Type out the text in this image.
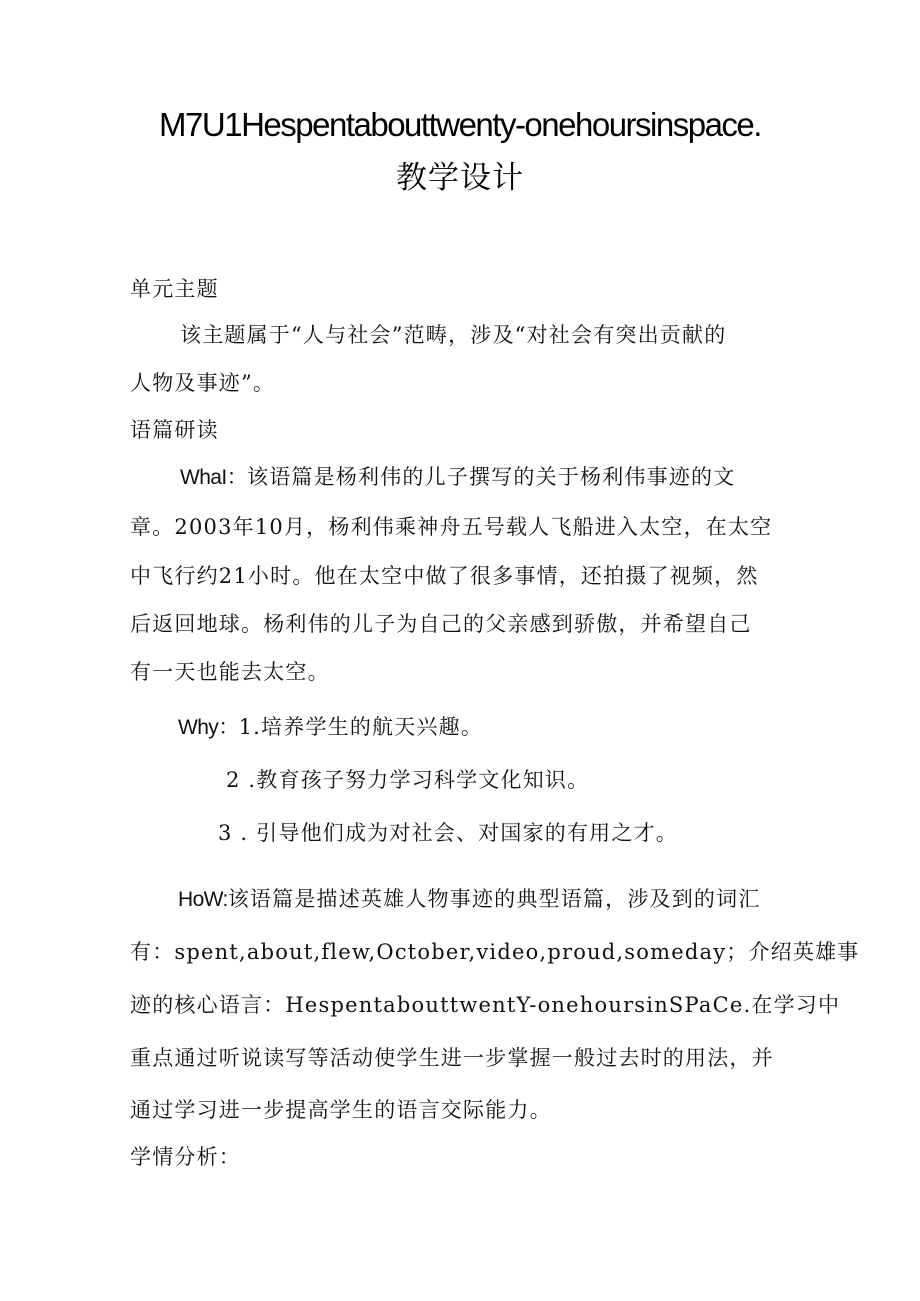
M7U1Hespentabouttwenty-onehoursinspace.
教学设计
单元主题
该主题属于“人与社会”范畴，涉及“对社会有突出贡献的
人物及事迹”。
语篇研读
WhaI：该语篇是杨利伟的儿子撰写的关于杨利伟事迹的文
章。2003年10月，杨利伟乘神舟五号载人飞船进入太空，在太空
中飞行约21小时。他在太空中做了很多事情，还拍摄了视频，然
后返回地球。杨利伟的儿子为自己的父亲感到骄傲，并希望自己
有一天也能去太空。
Why：1.培养学生的航天兴趣。
2 .教育孩子努力学习科学文化知识。
3 . 引导他们成为对社会、对国家的有用之才。
HoW:该语篇是描述英雄人物事迹的典型语篇，涉及到的词汇
有：spent,about,flew,October,video,proud,someday；介绍英雄事
迹的核心语言：HespentabouttwentY-onehoursinSPaCe.在学习中
重点通过听说读写等活动使学生进一步掌握一般过去时的用法，并
通过学习进一步提高学生的语言交际能力。
学情分析：
